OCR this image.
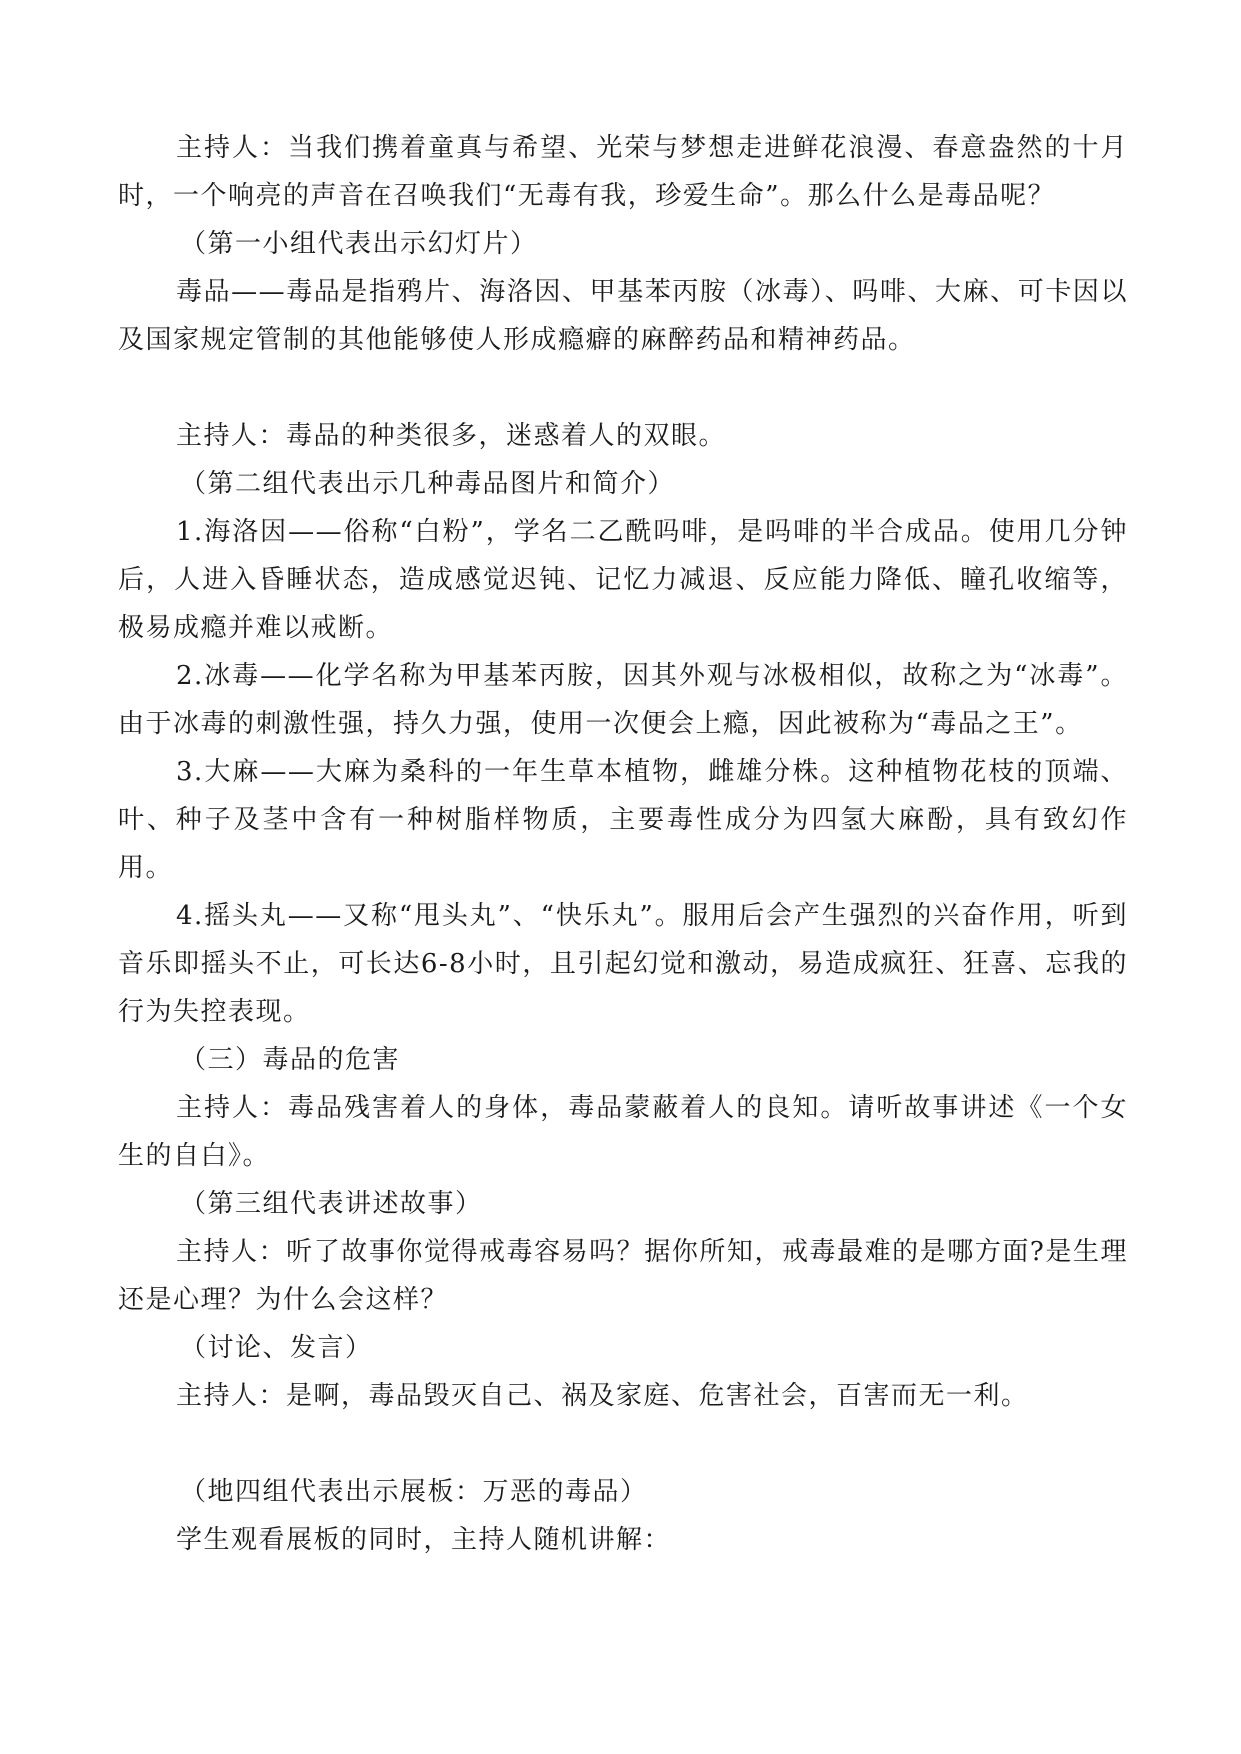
主持人：当我们携着童真与希望、光荣与梦想走进鲜花浪漫、春意盎然的十月时，一个响亮的声音在召唤我们“无毒有我，珍爱生命”。那么什么是毒品呢？

（第一小组代表出示幻灯片）

毒品——毒品是指鸦片、海洛因、甲基苯丙胺（冰毒）、吗啡、大麻、可卡因以及国家规定管制的其他能够使人形成瘾癖的麻醉药品和精神药品。

主持人：毒品的种类很多，迷惑着人的双眼。

（第二组代表出示几种毒品图片和简介）

1.海洛因——俗称“白粉”，学名二乙酰吗啡，是吗啡的半合成品。使用几分钟后，人进入昏睡状态，造成感觉迟钝、记忆力减退、反应能力降低、瞳孔收缩等，极易成瘾并难以戒断。

2.冰毒——化学名称为甲基苯丙胺，因其外观与冰极相似，故称之为“冰毒”。由于冰毒的刺激性强，持久力强，使用一次便会上瘾，因此被称为“毒品之王”。

3.大麻——大麻为桑科的一年生草本植物，雌雄分株。这种植物花枝的顶端、叶、种子及茎中含有一种树脂样物质，主要毒性成分为四氢大麻酚，具有致幻作用。

4.摇头丸——又称“甩头丸”、“快乐丸”。服用后会产生强烈的兴奋作用，听到音乐即摇头不止，可长达6-8小时，且引起幻觉和激动，易造成疯狂、狂喜、忘我的行为失控表现。

（三）毒品的危害

主持人：毒品残害着人的身体，毒品蒙蔽着人的良知。请听故事讲述《一个女生的自白》。

（第三组代表讲述故事）

主持人：听了故事你觉得戒毒容易吗？据你所知，戒毒最难的是哪方面?是生理还是心理？为什么会这样？

（讨论、发言）

主持人：是啊，毒品毁灭自己、祸及家庭、危害社会，百害而无一利。

（地四组代表出示展板：万恶的毒品）

学生观看展板的同时，主持人随机讲解：
